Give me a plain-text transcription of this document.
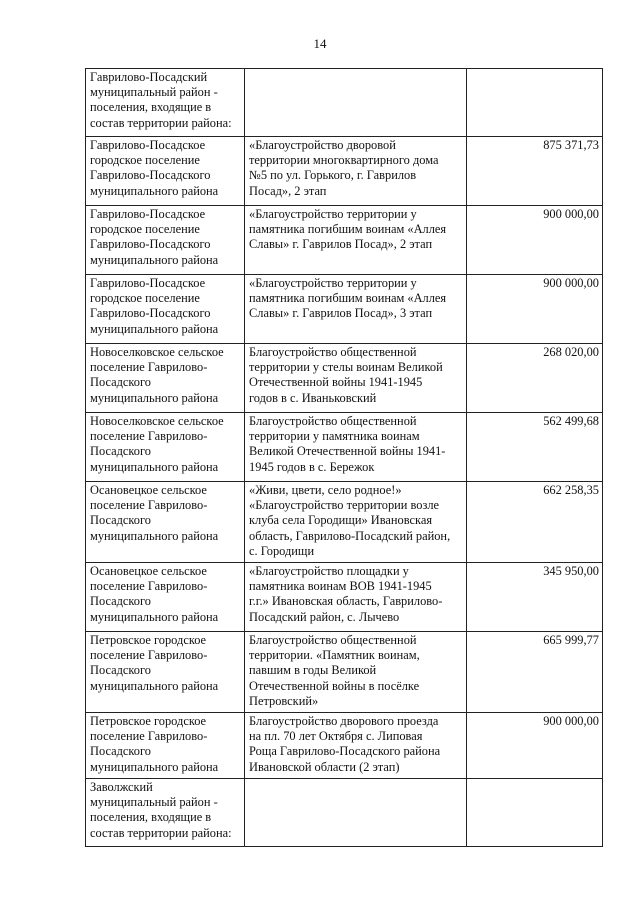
14
Гаврилово-Посадский
муниципальный район -
поселения, входящие в
состав территории района:		
Гаврилово-Посадское
городское поселение
Гаврилово-Посадского
муниципального района	«Благоустройство дворовой
территории многоквартирного дома
№5 по ул. Горького, г. Гаврилов
Посад», 2 этап	875 371,73
Гаврилово-Посадское
городское поселение
Гаврилово-Посадского
муниципального района	«Благоустройство территории у
памятника погибшим воинам «Аллея
Славы» г. Гаврилов Посад», 2 этап	900 000,00
Гаврилово-Посадское
городское поселение
Гаврилово-Посадского
муниципального района	«Благоустройство территории у
памятника погибшим воинам «Аллея
Славы» г. Гаврилов Посад», 3 этап	900 000,00
Новоселковское сельское
поселение Гаврилово-
Посадского
муниципального района	Благоустройство общественной
территории у стелы воинам Великой
Отечественной войны 1941-1945
годов в с. Иваньковский	268 020,00
Новоселковское сельское
поселение Гаврилово-
Посадского
муниципального района	Благоустройство общественной
территории у памятника воинам
Великой Отечественной войны 1941-
1945 годов в с. Бережок	562 499,68
Осановецкое сельское
поселение Гаврилово-
Посадского
муниципального района	«Живи, цвети, село родное!»
«Благоустройство территории возле
клуба села Городищи» Ивановская
область, Гаврилово-Посадский район,
с. Городищи	662 258,35
Осановецкое сельское
поселение Гаврилово-
Посадского
муниципального района	«Благоустройство площадки у
памятника воинам ВОВ 1941-1945
г.г.» Ивановская область, Гаврилово-
Посадский район, с. Лычево	345 950,00
Петровское городское
поселение Гаврилово-
Посадского
муниципального района	Благоустройство общественной
территории. «Памятник воинам,
павшим в годы Великой
Отечественной войны в посёлке
Петровский»	665 999,77
Петровское городское
поселение Гаврилово-
Посадского
муниципального района	Благоустройство дворового проезда
на пл. 70 лет Октября с. Липовая
Роща Гаврилово-Посадского района
Ивановской области (2 этап)	900 000,00
Заволжский
муниципальный район -
поселения, входящие в
состав территории района:		
